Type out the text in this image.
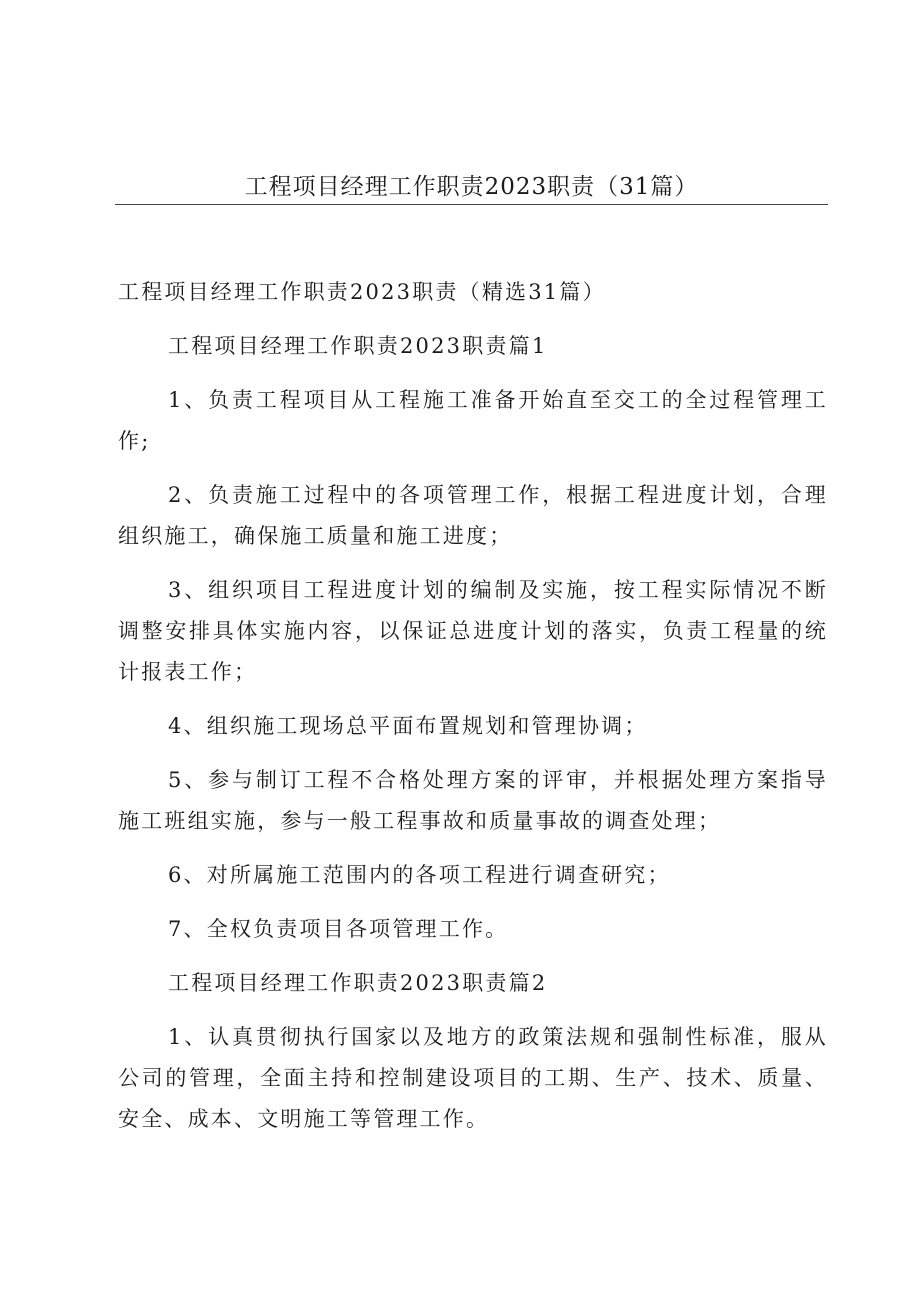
工程项目经理工作职责2023职责（31篇）

工程项目经理工作职责2023职责（精选31篇）

工程项目经理工作职责2023职责篇1

1、负责工程项目从工程施工准备开始直至交工的全过程管理工作;

2、负责施工过程中的各项管理工作，根据工程进度计划，合理组织施工，确保施工质量和施工进度；

3、组织项目工程进度计划的编制及实施，按工程实际情况不断调整安排具体实施内容，以保证总进度计划的落实，负责工程量的统计报表工作；

4、组织施工现场总平面布置规划和管理协调；

5、参与制订工程不合格处理方案的评审，并根据处理方案指导施工班组实施，参与一般工程事故和质量事故的调查处理；

6、对所属施工范围内的各项工程进行调查研究；

7、全权负责项目各项管理工作。

工程项目经理工作职责2023职责篇2

1、认真贯彻执行国家以及地方的政策法规和强制性标准，服从公司的管理，全面主持和控制建设项目的工期、生产、技术、质量、安全、成本、文明施工等管理工作。
